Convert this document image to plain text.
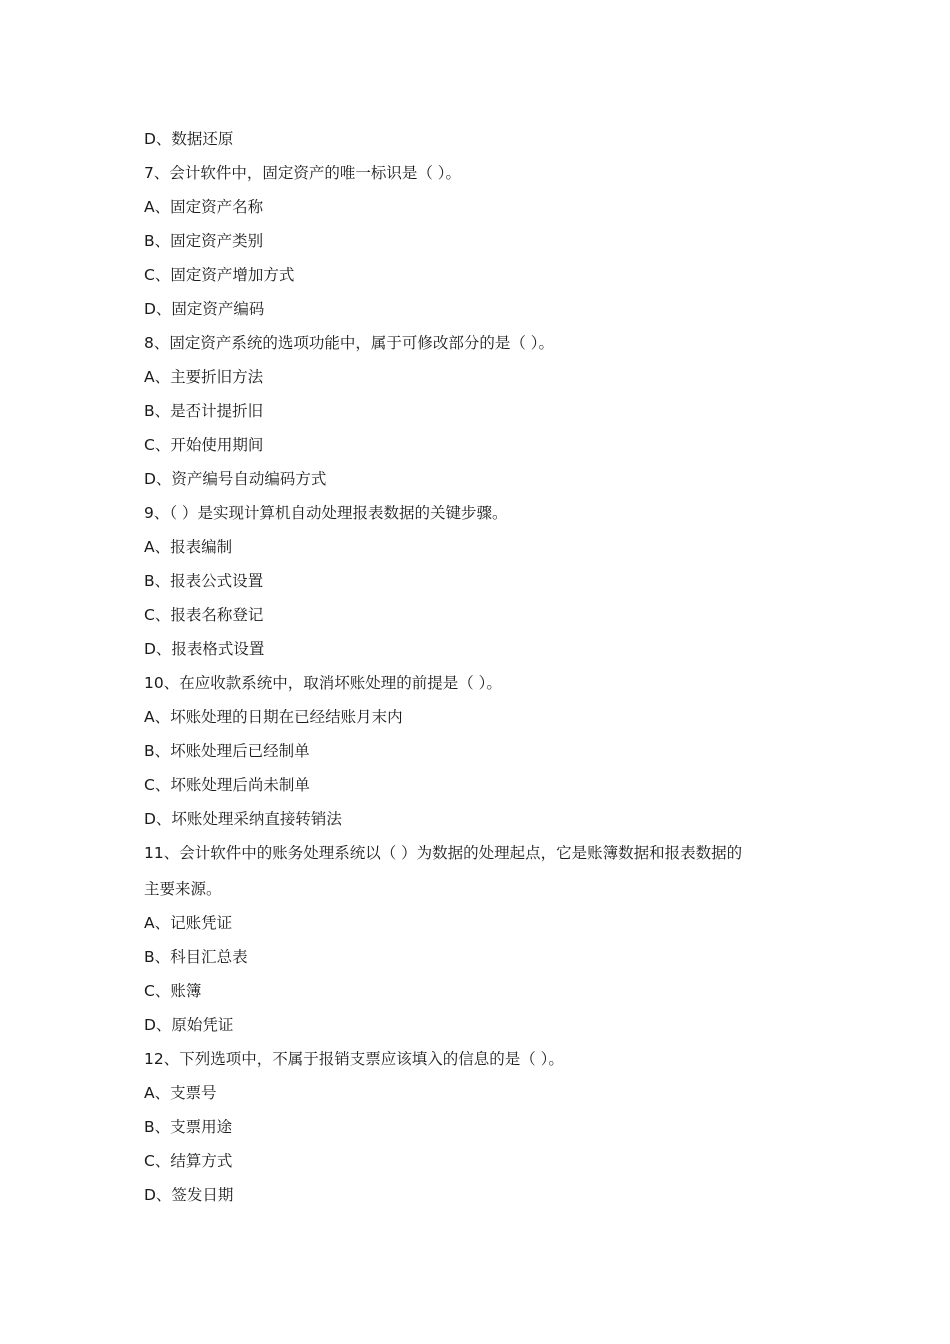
D、数据还原
7、会计软件中，固定资产的唯一标识是（ ）。
A、固定资产名称
B、固定资产类别
C、固定资产增加方式
D、固定资产编码
8、固定资产系统的选项功能中，属于可修改部分的是（ ）。
A、主要折旧方法
B、是否计提折旧
C、开始使用期间
D、资产编号自动编码方式
9、（ ）是实现计算机自动处理报表数据的关键步骤。
A、报表编制
B、报表公式设置
C、报表名称登记
D、报表格式设置
10、在应收款系统中，取消坏账处理的前提是（ ）。
A、坏账处理的日期在已经结账月末内
B、坏账处理后已经制单
C、坏账处理后尚未制单
D、坏账处理采纳直接转销法
11、会计软件中的账务处理系统以（ ）为数据的处理起点，它是账簿数据和报表数据的
主要来源。
A、记账凭证
B、科目汇总表
C、账簿
D、原始凭证
12、下列选项中，不属于报销支票应该填入的信息的是（ ）。
A、支票号
B、支票用途
C、结算方式
D、签发日期
